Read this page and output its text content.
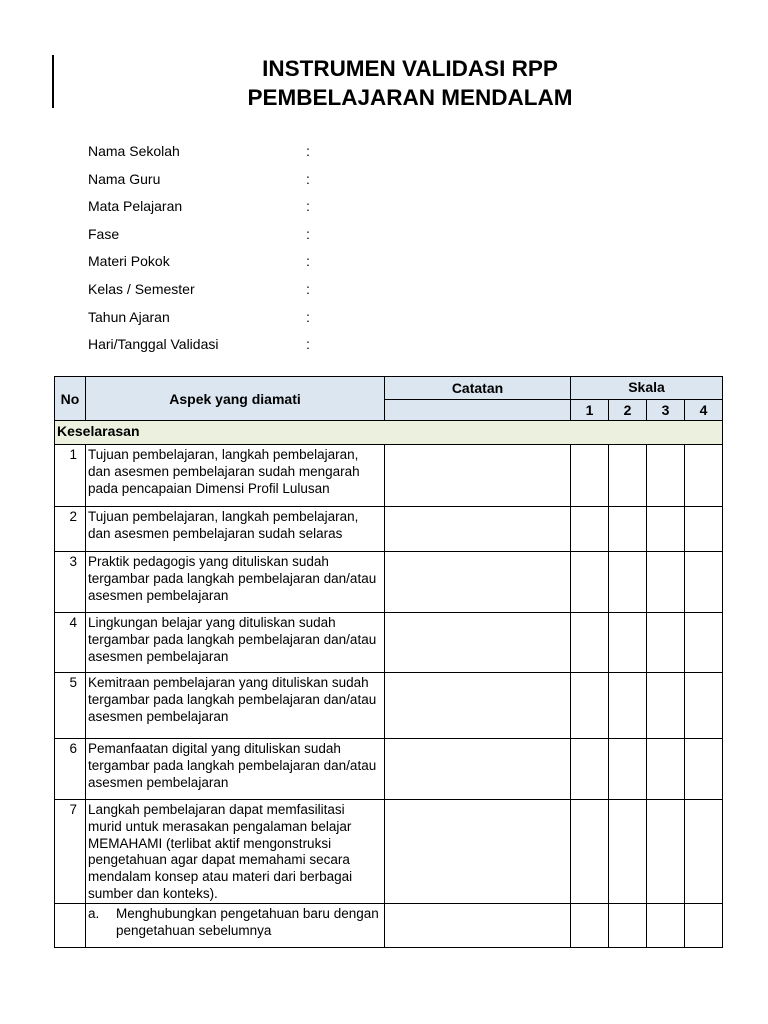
INSTRUMEN VALIDASI RPP
PEMBELAJARAN MENDALAM
Nama Sekolah	:
Nama Guru	:
Mata Pelajaran	:
Fase	:
Materi Pokok	:
Kelas / Semester	:
Tahun Ajaran	:
Hari/Tanggal Validasi	:
No	Aspek yang diamati	Catatan	Skala			
			1	2	3	4
Keselarasan						
1	Tujuan pembelajaran, langkah pembelajaran, dan asesmen pembelajaran sudah mengarah pada pencapaian Dimensi Profil Lulusan					
2	Tujuan pembelajaran, langkah pembelajaran, dan asesmen pembelajaran sudah selaras					
3	Praktik pedagogis yang dituliskan sudah tergambar pada langkah pembelajaran dan/atau asesmen pembelajaran					
4	Lingkungan belajar yang dituliskan sudah tergambar pada langkah pembelajaran dan/atau asesmen pembelajaran					
5	Kemitraan pembelajaran yang dituliskan sudah tergambar pada langkah pembelajaran dan/atau asesmen pembelajaran					
6	Pemanfaatan digital yang dituliskan sudah tergambar pada langkah pembelajaran dan/atau asesmen pembelajaran					
7	Langkah pembelajaran dapat memfasilitasi murid untuk merasakan pengalaman belajar MEMAHAMI (terlibat aktif mengonstruksi pengetahuan agar dapat memahami secara mendalam konsep atau materi dari berbagai sumber dan konteks).					

	a. Menghubungkan pengetahuan baru dengan pengetahuan sebelumnya					
